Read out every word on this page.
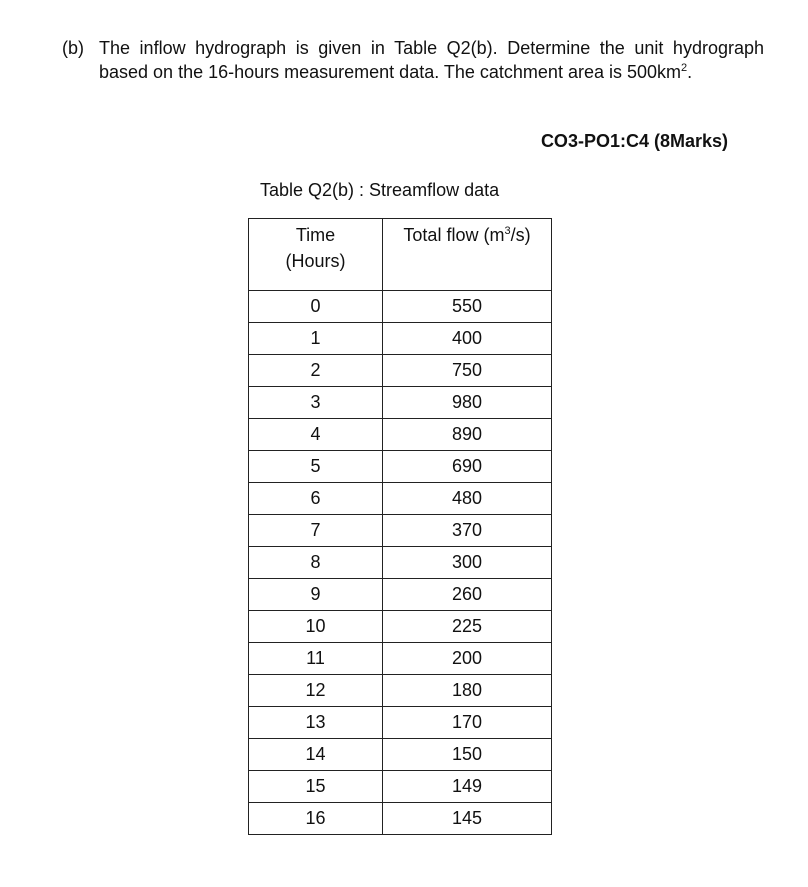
(b) The inflow hydrograph is given in Table Q2(b). Determine the unit hydrograph based on the 16-hours measurement data. The catchment area is $500km^2$.
CO3-PO1:C4 (8Marks)
Table Q2(b) : Streamflow data
Time
(Hours)	Total flow $(m^3/s)$
0	550
1	400
2	750
3	980
4	890
5	690
6	480
7	370
8	300
9	260
10	225
11	200
12	180
13	170
14	150
15	149
16	145
